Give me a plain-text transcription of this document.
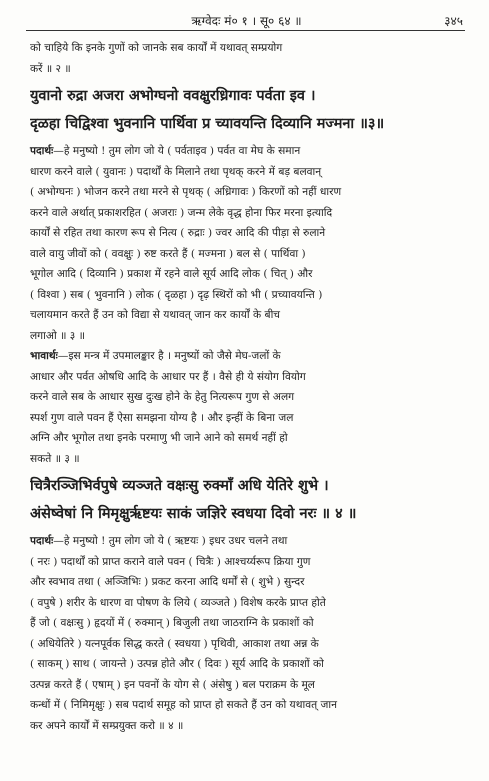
ऋग्वेदः मं० १ । सू० ६४ ॥	३४५

को चाहिये कि इनके गुणों को जानके सब कार्यों में यथावत् सम्प्रयोग
करें ॥ २ ॥

युवानो रुद्रा अजरा अभोग्घनो ववक्षुरध्रिगावः पर्वता इव ।

दृळहा चिद्विश्वा भुवनानि पार्थिवा प्र च्यावयन्ति दिव्यानि मज्मना ॥३॥

पदार्थः—हे मनुष्यो ! तुम लोग जो ये ( पर्वताइव ) पर्वत वा मेघ के समान
धारण करने वाले ( युवानः ) पदार्थों के मिलाने तथा पृथक् करने में बड़ बलवान्
( अभोग्घनः ) भोजन करने तथा मरने से पृथक् ( अध्रिगावः ) किरणों को नहीं धारण
करने वाले अर्थात् प्रकाशरहित ( अजराः ) जन्म लेके वृद्ध होना फिर मरना इत्यादि
कार्यों से रहित तथा कारण रूप से नित्य ( रुद्राः ) ज्वर आदि की पीड़ा से रुलाने
वाले वायु जीवों को ( ववक्षुः ) रुष्ट करते हैं ( मज्मना ) बल से ( पार्थिवा )
भूगोल आदि ( दिव्यानि ) प्रकाश में रहने वाले सूर्य आदि लोक ( चित् ) और
( विश्वा ) सब ( भुवनानि ) लोक ( दृळहा ) दृढ़ स्थिरों को भी ( प्रच्यावयन्ति )
चलायमान करते हैं उन को विद्या से यथावत् जान कर कार्यों के बीच
लगाओ ॥ ३ ॥

भावार्थः—इस मन्त्र में उपमालङ्कार है । मनुष्यों को जैसे मेघ-जलों के
आधार और पर्वत ओषधि आदि के आधार पर हैं । वैसे ही ये संयोग वियोग
करने वाले सब के आधार सुख दुःख होने के हेतु नित्यरूप गुण से अलग
स्पर्श गुण वाले पवन हैं ऐसा समझना योग्य है । और इन्हीं के बिना जल
अग्नि और भूगोल तथा इनके परमाणु भी जाने आने को समर्थ नहीं हो
सकते ॥ ३ ॥

चित्रैरञ्जिभिर्वपुषे व्यञ्जते वक्षःसु रुक्माँ अधि येतिरे शुभे ।

अंसेष्वेषां नि मिमृक्षुर्ऋष्टयः साकं जज्ञिरे स्वधया दिवो नरः ॥ ४ ॥

पदार्थः—हे मनुष्यो ! तुम लोग जो ये ( ऋष्टयः ) इधर उधर चलने तथा
( नरः ) पदार्थों को प्राप्त कराने वाले पवन ( चित्रैः ) आश्चर्य्यरूप क्रिया गुण
और स्वभाव तथा ( अञ्जिभिः ) प्रकट करना आदि धर्मों से ( शुभे ) सुन्दर
( वपुषे ) शरीर के धारण वा पोषण के लिये ( व्यञ्जते ) विशेष करके प्राप्त होते
हैं जो ( वक्षःसु ) हृदयों में ( रुक्मान् ) बिजुली तथा जाठराग्नि के प्रकाशों को
( अधियेतिरे ) यत्नपूर्वक सिद्ध करते ( स्वधया ) पृथिवी, आकाश तथा अन्न के
( साकम् ) साथ ( जायन्ते ) उत्पन्न होते और ( दिवः ) सूर्य आदि के प्रकाशों को
उत्पन्न करते हैं ( एषाम् ) इन पवनों के योग से ( अंसेषु ) बल पराक्रम के मूल
कन्धों में ( निमिमृक्षुः ) सब पदार्थ समूह को प्राप्त हो सकते हैं उन को यथावत् जान
कर अपने कार्यों में सम्प्रयुक्त करो ॥ ४ ॥
